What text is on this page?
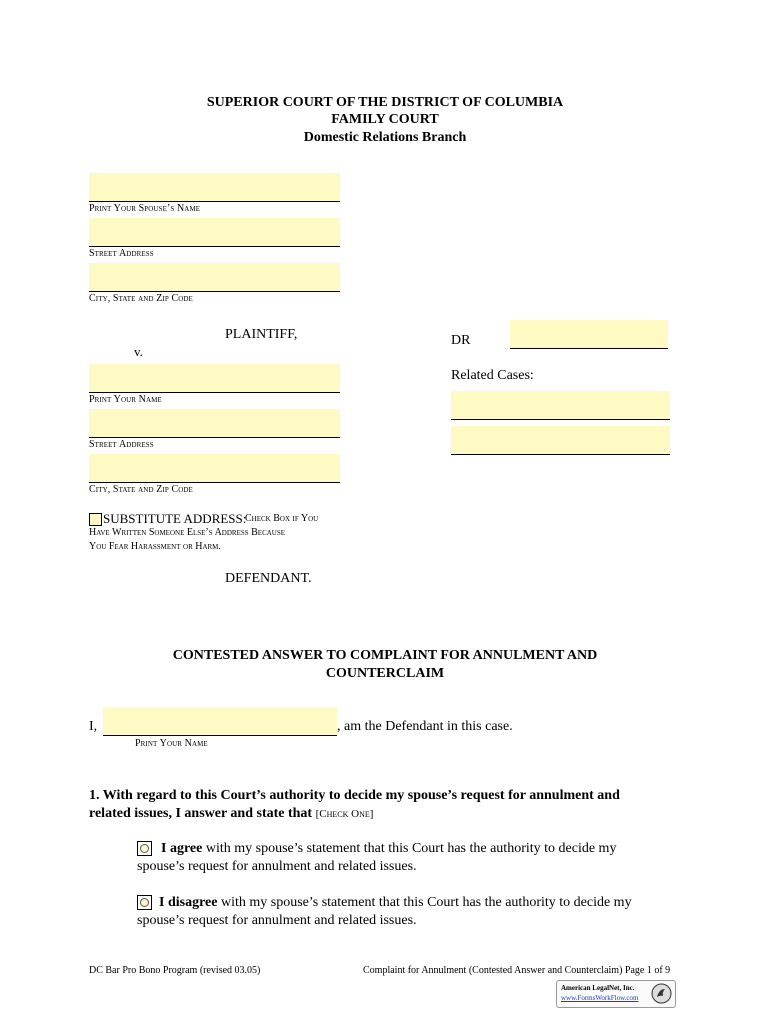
SUPERIOR COURT OF THE DISTRICT OF COLUMBIA
FAMILY COURT
Domestic Relations Branch
Print Your Spouse’s Name
Street Address
City, State and Zip Code
PLAINTIFF,
v.
DR
Related Cases:
Print Your Name
Street Address
City, State and Zip Code
SUBSTITUTE ADDRESS:
Check Box if You
Have Written Someone Else’s Address Because
You Fear Harassment or Harm.
DEFENDANT.
CONTESTED ANSWER TO COMPLAINT FOR ANNULMENT AND
COUNTERCLAIM
I,	, am the Defendant in this case.
Print Your Name
1. With regard to this Court’s authority to decide my spouse’s request for annulment and
related issues, I answer and state that [Check One]
I agree with my spouse’s statement that this Court has the authority to decide my
spouse’s request for annulment and related issues.
I disagree with my spouse’s statement that this Court has the authority to decide my
spouse’s request for annulment and related issues.
DC Bar Pro Bono Program (revised 03.05)	Complaint for Annulment (Contested Answer and Counterclaim) Page 1 of 9
American LegalNet, Inc.
www.FormsWorkFlow.com
